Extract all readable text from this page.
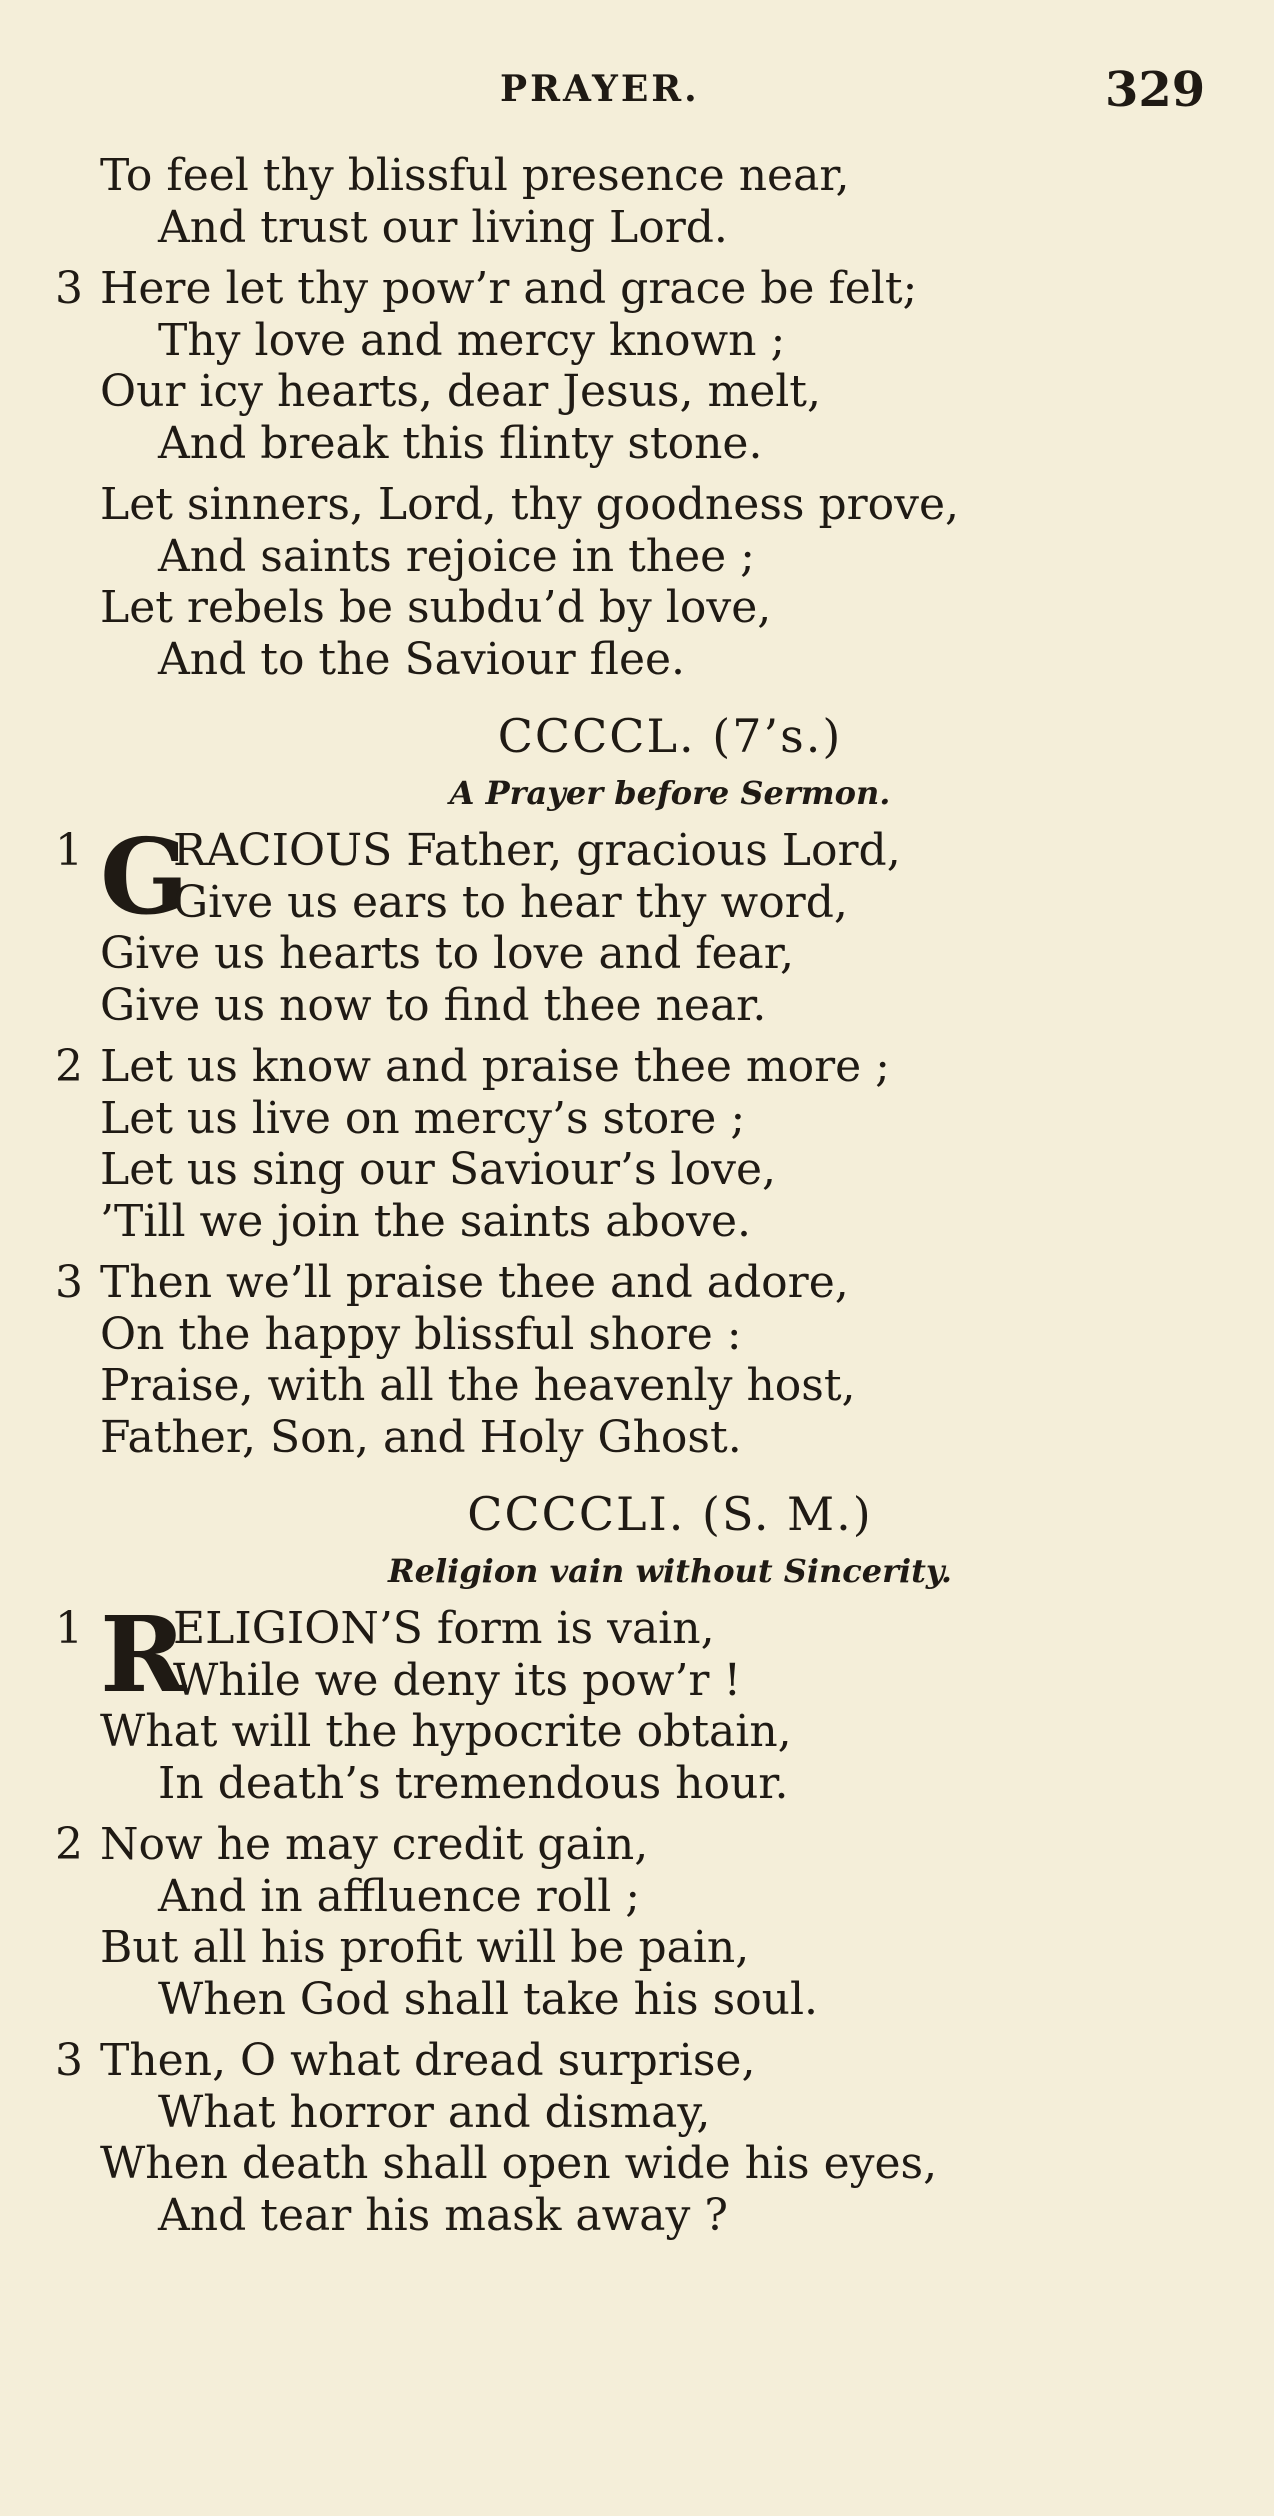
PRAYER.	329
To feel thy blissful presence near,
And trust our living Lord.
3 Here let thy pow’r and grace be felt;
Thy love and mercy known ;
Our icy hearts, dear Jesus, melt,
And break this flinty stone.
Let sinners, Lord, thy goodness prove,
And saints rejoice in thee ;
Let rebels be subdu’d by love,
And to the Saviour flee.
CCCCL. (7’s.)
A Prayer before Sermon.
1 G
RACIOUS Father, gracious Lord,
Give us ears to hear thy word,
Give us hearts to love and fear,
Give us now to find thee near.
2 Let us know and praise thee more ;
Let us live on mercy’s store ;
Let us sing our Saviour’s love,
’Till we join the saints above.
3 Then we’ll praise thee and adore,
On the happy blissful shore :
Praise, with all the heavenly host,
Father, Son, and Holy Ghost.
CCCCLI. (S. M.)
Religion vain without Sincerity.
1 R
ELIGION’S form is vain,
While we deny its pow’r !
What will the hypocrite obtain,
In death’s tremendous hour.
2 Now he may credit gain,
And in affluence roll ;
But all his profit will be pain,
When God shall take his soul.
3 Then, O what dread surprise,
What horror and dismay,
When death shall open wide his eyes,
And tear his mask away ?
